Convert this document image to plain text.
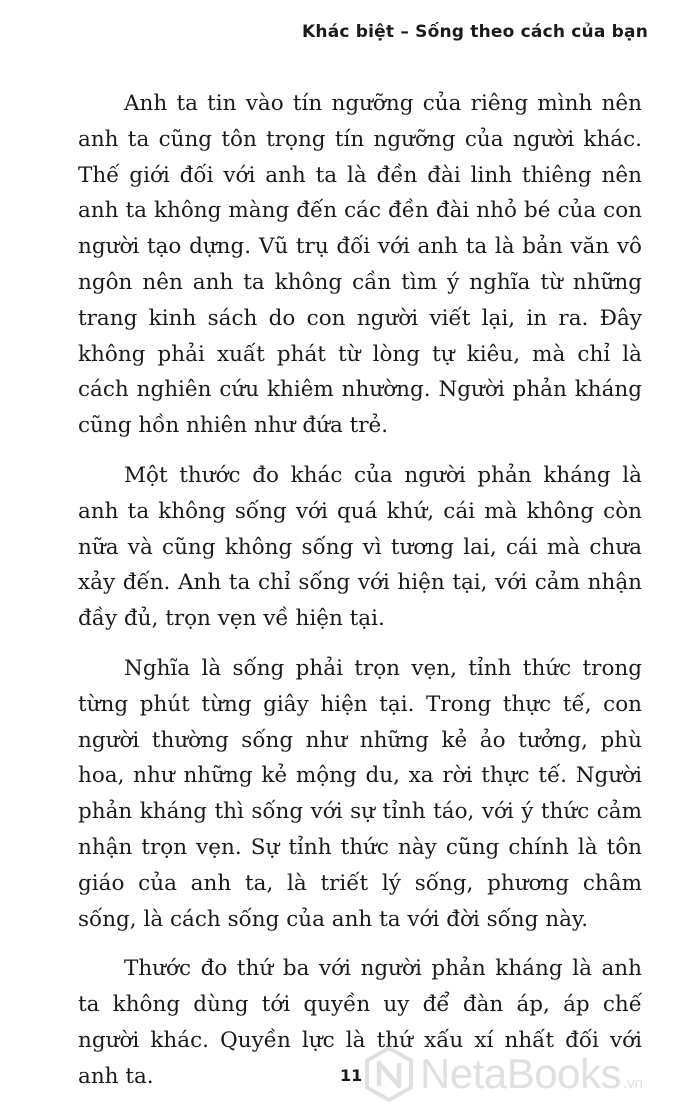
Khác biệt – Sống theo cách của bạn

Anh ta tin vào tín ngưỡng của riêng mình nên anh ta cũng tôn trọng tín ngưỡng của người khác. Thế giới đối với anh ta là đền đài linh thiêng nên anh ta không màng đến các đền đài nhỏ bé của con người tạo dựng. Vũ trụ đối với anh ta là bản văn vô ngôn nên anh ta không cần tìm ý nghĩa từ những trang kinh sách do con người viết lại, in ra. Đây không phải xuất phát từ lòng tự kiêu, mà chỉ là cách nghiên cứu khiêm nhường. Người phản kháng cũng hồn nhiên như đứa trẻ.

Một thước đo khác của người phản kháng là anh ta không sống với quá khứ, cái mà không còn nữa và cũng không sống vì tương lai, cái mà chưa xảy đến. Anh ta chỉ sống với hiện tại, với cảm nhận đầy đủ, trọn vẹn về hiện tại.

Nghĩa là sống phải trọn vẹn, tỉnh thức trong từng phút từng giây hiện tại. Trong thực tế, con người thường sống như những kẻ ảo tưởng, phù hoa, như những kẻ mộng du, xa rời thực tế. Người phản kháng thì sống với sự tỉnh táo, với ý thức cảm nhận trọn vẹn. Sự tỉnh thức này cũng chính là tôn giáo của anh ta, là triết lý sống, phương châm sống, là cách sống của anh ta với đời sống này.

Thước đo thứ ba với người phản kháng là anh ta không dùng tới quyền uy để đàn áp, áp chế người khác. Quyền lực là thứ xấu xí nhất đối với anh ta.	11 NetaBooks .vn
